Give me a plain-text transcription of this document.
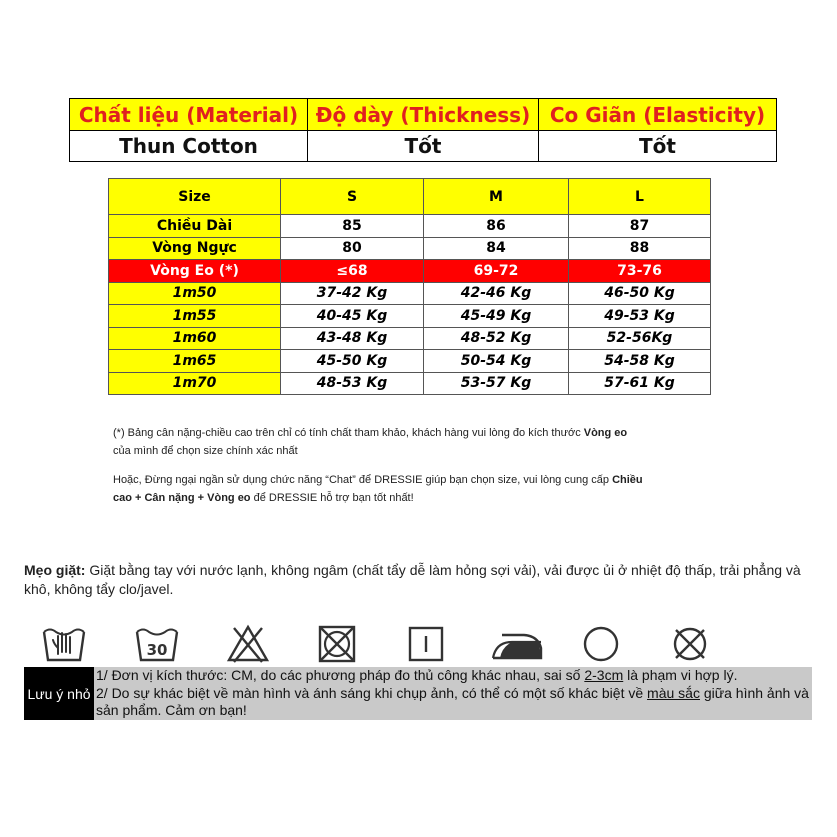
Chất liệu (Material)	Độ dày (Thickness)	Co Giãn (Elasticity)
Thun Cotton	Tốt	Tốt
Size	S	M	L
Chiều Dài	85	86	87
Vòng Ngực	80	84	88
Vòng Eo (*)	≤68	69-72	73-76
1m50	37-42 Kg	42-46 Kg	46-50 Kg
1m55	40-45 Kg	45-49 Kg	49-53 Kg
1m60	43-48 Kg	48-52 Kg	52-56Kg
1m65	45-50 Kg	50-54 Kg	54-58 Kg
1m70	48-53 Kg	53-57 Kg	57-61 Kg
(*) Bảng cân nặng-chiều cao trên chỉ có tính chất tham khảo, khách hàng vui lòng đo kích thước Vòng eo
của mình để chọn size chính xác nhất
Hoặc, Đừng ngại ngần sử dụng chức năng “Chat” để DRESSIE giúp bạn chọn size, vui lòng cung cấp Chiều
cao + Cân nặng + Vòng eo để DRESSIE hỗ trợ bạn tốt nhất!
Mẹo giặt: Giặt bằng tay với nước lạnh, không ngâm (chất tẩy dễ làm hỏng sợi vải), vải được ủi ở nhiệt độ thấp, trải phẳng và khô, không tẩy clo/javel.
30
Lưu ý nhỏ
1/ Đơn vị kích thước: CM, do các phương pháp đo thủ công khác nhau, sai số 2-3cm là phạm vi hợp lý.
2/ Do sự khác biệt về màn hình và ánh sáng khi chụp ảnh, có thể có một số khác biệt về màu sắc giữa hình ảnh và sản phẩm. Cảm ơn bạn!
